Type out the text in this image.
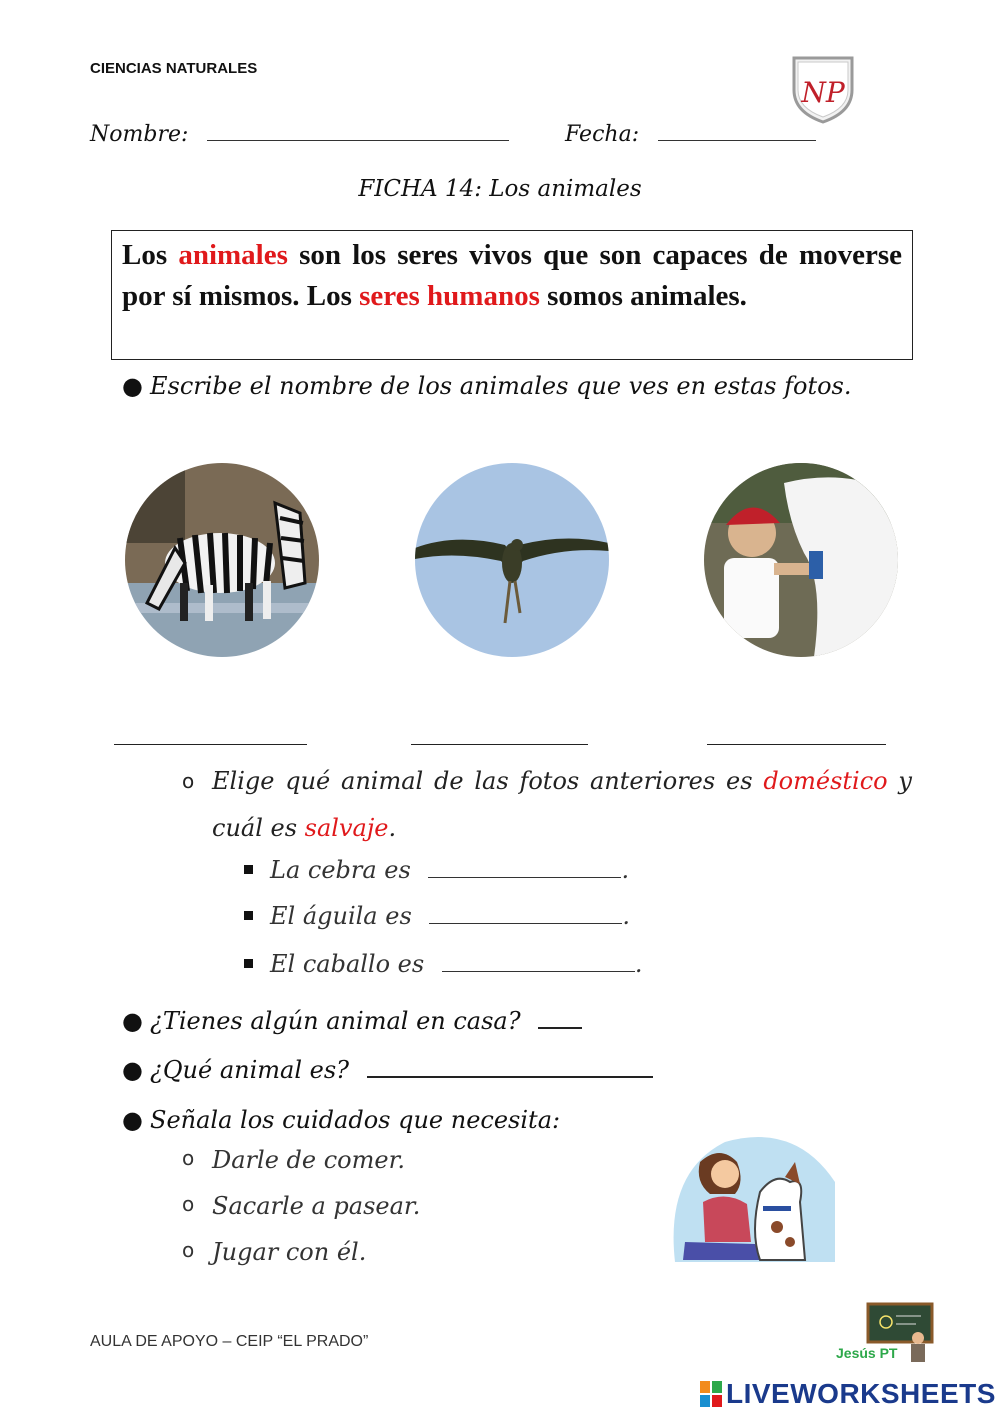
CIENCIAS NATURALES
NP
Nombre:	Fecha:
FICHA 14: Los animales
Los animales son los seres vivos que son capaces de moverse por sí mismos. Los seres humanos somos animales.
● Escribe el nombre de los animales que ves en estas fotos.
o Elige qué animal de las fotos anteriores es doméstico y cuál es salvaje.
La cebra es	.
El águila es	.
El caballo es	.
● ¿Tienes algún animal en casa?
● ¿Qué animal es?
● Señala los cuidados que necesita:
o Darle de comer.
o Sacarle a pasear.
o Jugar con él.
AULA DE APOYO – CEIP “EL PRADO”
Jesús PT
LIVEWORKSHEETS
